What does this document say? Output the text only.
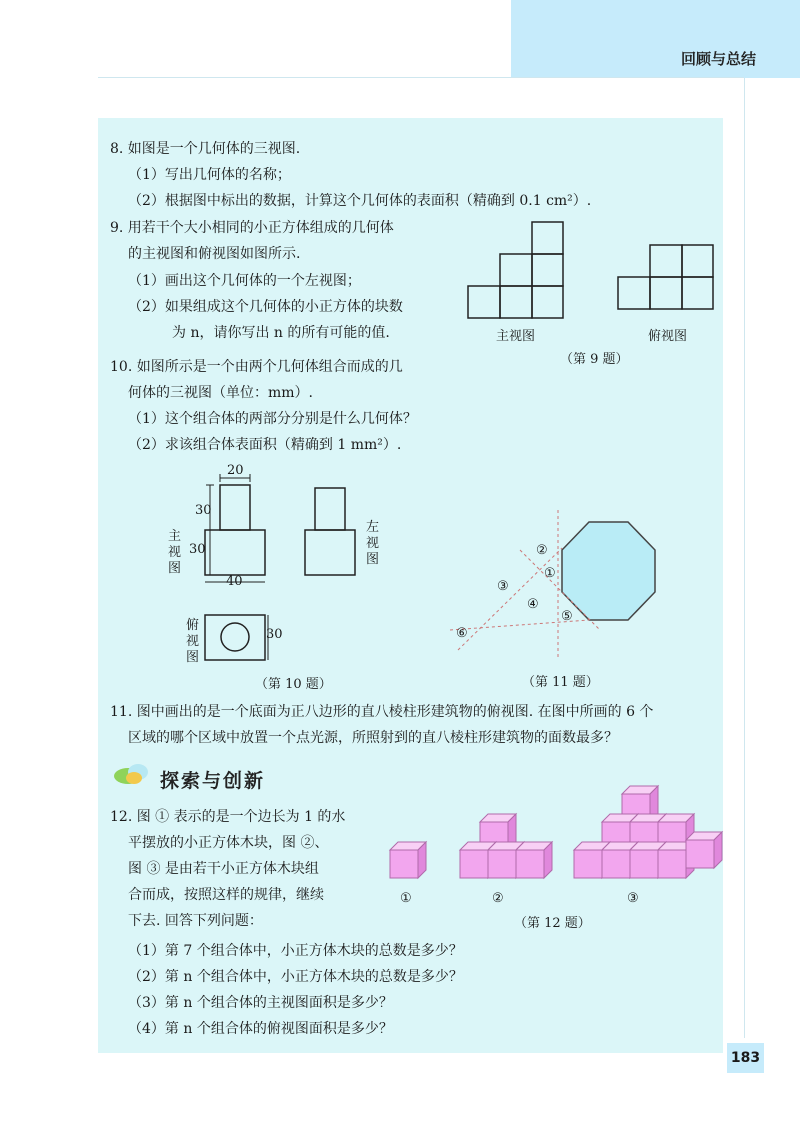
回顾与总结
8. 如图是一个几何体的三视图.
（1）写出几何体的名称；
（2）根据图中标出的数据，计算这个几何体的表面积（精确到 0.1 cm²）.
9. 用若干个大小相同的小正方体组成的几何体
的主视图和俯视图如图所示.
（1）画出这个几何体的一个左视图；
（2）如果组成这个几何体的小正方体的块数
为 n，请你写出 n 的所有可能的值.	主视图	俯视图
（第 9 题）
10. 如图所示是一个由两个几何体组合而成的几
何体的三视图（单位：mm）.
（1）这个组合体的两部分分别是什么几何体？
（2）求该组合体表面积（精确到 1 mm²）.
20
30
30
40
30
主
视
图
左
视
图
俯
视
图
（第 10 题）
②
①
③
④
⑤
⑥
（第 11 题）
11. 图中画出的是一个底面为正八边形的直八棱柱形建筑物的俯视图. 在图中所画的 6 个
区域的哪个区域中放置一个点光源，所照射到的直八棱柱形建筑物的面数最多？
探索与创新
12. 图 ① 表示的是一个边长为 1 的水
平摆放的小正方体木块，图 ②、
图 ③ 是由若干小正方体木块组
合而成，按照这样的规律，继续
下去. 回答下列问题：
（1）第 7 个组合体中，小正方体木块的总数是多少？
（2）第 n 个组合体中，小正方体木块的总数是多少？
（3）第 n 个组合体的主视图面积是多少？
（4）第 n 个组合体的俯视图面积是多少？
①	②	③
（第 12 题）
183
